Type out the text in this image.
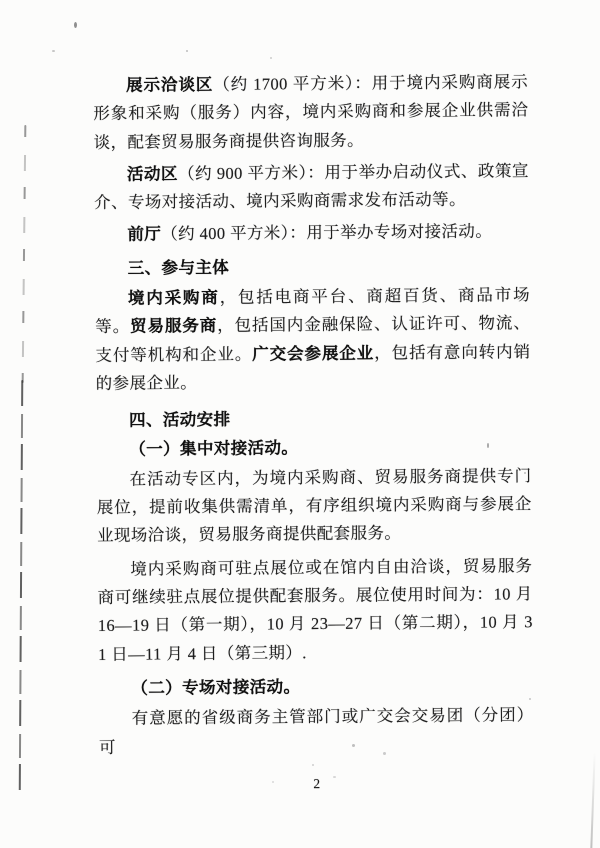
展示洽谈区（约 1700 平方米）：用于境内采购商展示形象和采购（服务）内容，境内采购商和参展企业供需洽谈，配套贸易服务商提供咨询服务。

活动区（约 900 平方米）：用于举办启动仪式、政策宣介、专场对接活动、境内采购商需求发布活动等。

前厅（约 400 平方米）：用于举办专场对接活动。

三、参与主体

境内采购商，包括电商平台、商超百货、商品市场等。贸易服务商，包括国内金融保险、认证许可、物流、支付等机构和企业。广交会参展企业，包括有意向转内销的参展企业。

四、活动安排

（一）集中对接活动。

在活动专区内，为境内采购商、贸易服务商提供专门展位，提前收集供需清单，有序组织境内采购商与参展企业现场洽谈，贸易服务商提供配套服务。

境内采购商可驻点展位或在馆内自由洽谈，贸易服务商可继续驻点展位提供配套服务。展位使用时间为：10 月 16—19 日（第一期），10 月 23—27 日（第二期），10 月 31 日—11 月 4 日（第三期）.

（二）专场对接活动。

有意愿的省级商务主管部门或广交会交易团（分团）可

2
